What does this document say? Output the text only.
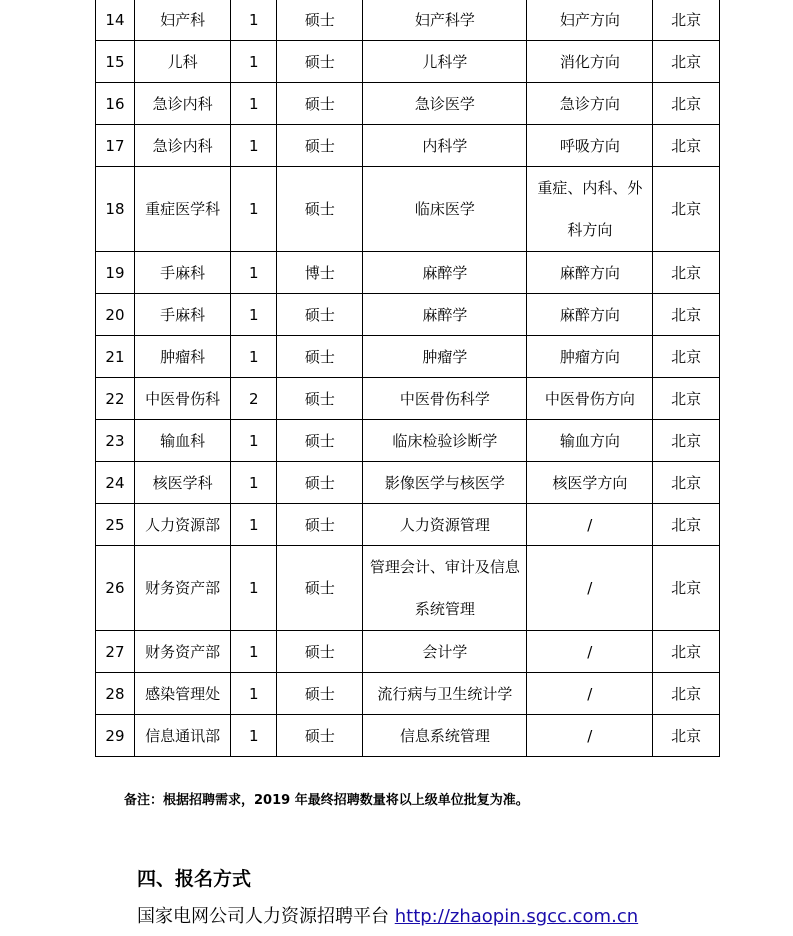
14	妇产科	1	硕士	妇产科学	妇产方向	北京
15	儿科	1	硕士	儿科学	消化方向	北京
16	急诊内科	1	硕士	急诊医学	急诊方向	北京
17	急诊内科	1	硕士	内科学	呼吸方向	北京
18	重症医学科	1	硕士	临床医学	重症、内科、外科方向	北京
19	手麻科	1	博士	麻醉学	麻醉方向	北京
20	手麻科	1	硕士	麻醉学	麻醉方向	北京
21	肿瘤科	1	硕士	肿瘤学	肿瘤方向	北京
22	中医骨伤科	2	硕士	中医骨伤科学	中医骨伤方向	北京
23	输血科	1	硕士	临床检验诊断学	输血方向	北京
24	核医学科	1	硕士	影像医学与核医学	核医学方向	北京
25	人力资源部	1	硕士	人力资源管理	/	北京
26	财务资产部	1	硕士	管理会计、审计及信息系统管理	/	北京
27	财务资产部	1	硕士	会计学	/	北京
28	感染管理处	1	硕士	流行病与卫生统计学	/	北京
29	信息通讯部	1	硕士	信息系统管理	/	北京
备注：根据招聘需求，2019 年最终招聘数量将以上级单位批复为准。
四、报名方式
国家电网公司人力资源招聘平台 http://zhaopin.sgcc.com.cn
